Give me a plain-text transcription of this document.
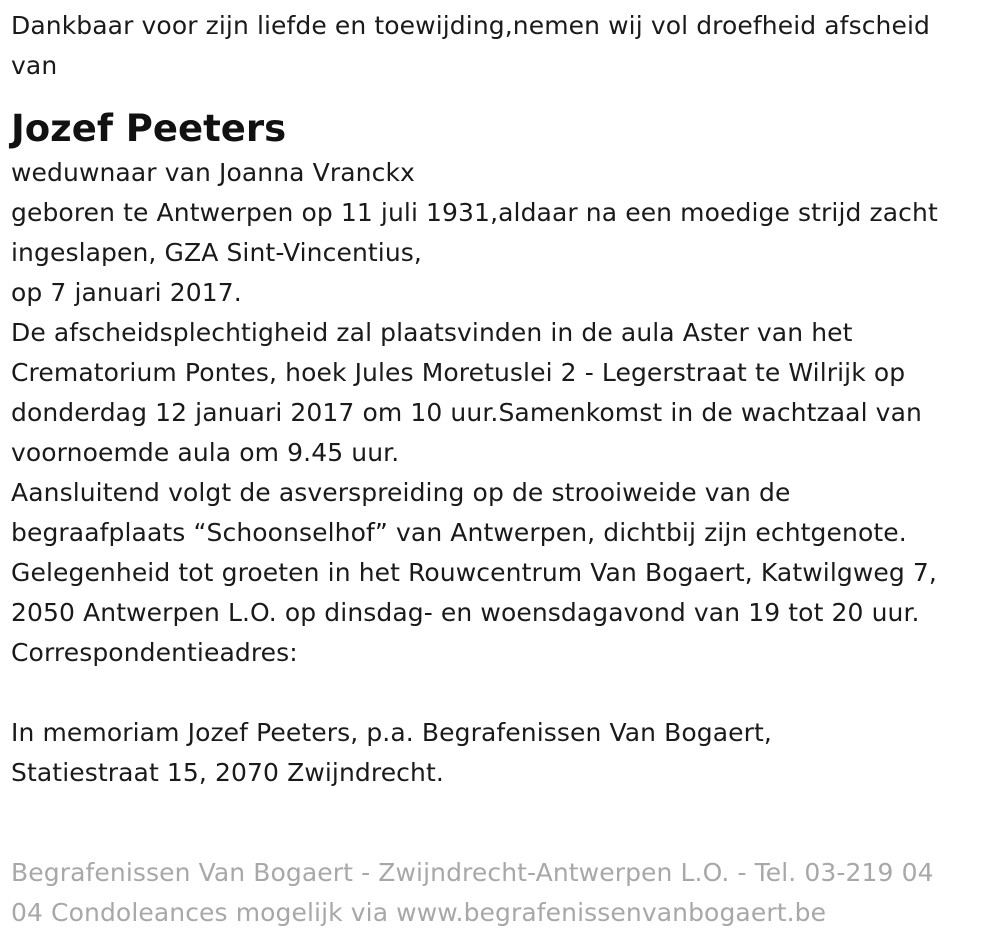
Dankbaar voor zijn liefde en toewijding,nemen wij vol droefheid afscheid
van
Jozef Peeters
weduwnaar van Joanna Vranckx
geboren te Antwerpen op 11 juli 1931,aldaar na een moedige strijd zacht
ingeslapen, GZA Sint-Vincentius,
op 7 januari 2017.
De afscheidsplechtigheid zal plaatsvinden in de aula Aster van het
Crematorium Pontes, hoek Jules Moretuslei 2 - Legerstraat te Wilrijk op
donderdag 12 januari 2017 om 10 uur.Samenkomst in de wachtzaal van
voornoemde aula om 9.45 uur.
Aansluitend volgt de asverspreiding op de strooiweide van de
begraafplaats “Schoonselhof” van Antwerpen, dichtbij zijn echtgenote.
Gelegenheid tot groeten in het Rouwcentrum Van Bogaert, Katwilgweg 7,
2050 Antwerpen L.O. op dinsdag- en woensdagavond van 19 tot 20 uur.
Correspondentieadres:
In memoriam Jozef Peeters, p.a. Begrafenissen Van Bogaert,
Statiestraat 15, 2070 Zwijndrecht.
Begrafenissen Van Bogaert - Zwijndrecht-Antwerpen L.O. - Tel. 03-219 04
04 Condoleances mogelijk via www.begrafenissenvanbogaert.be
